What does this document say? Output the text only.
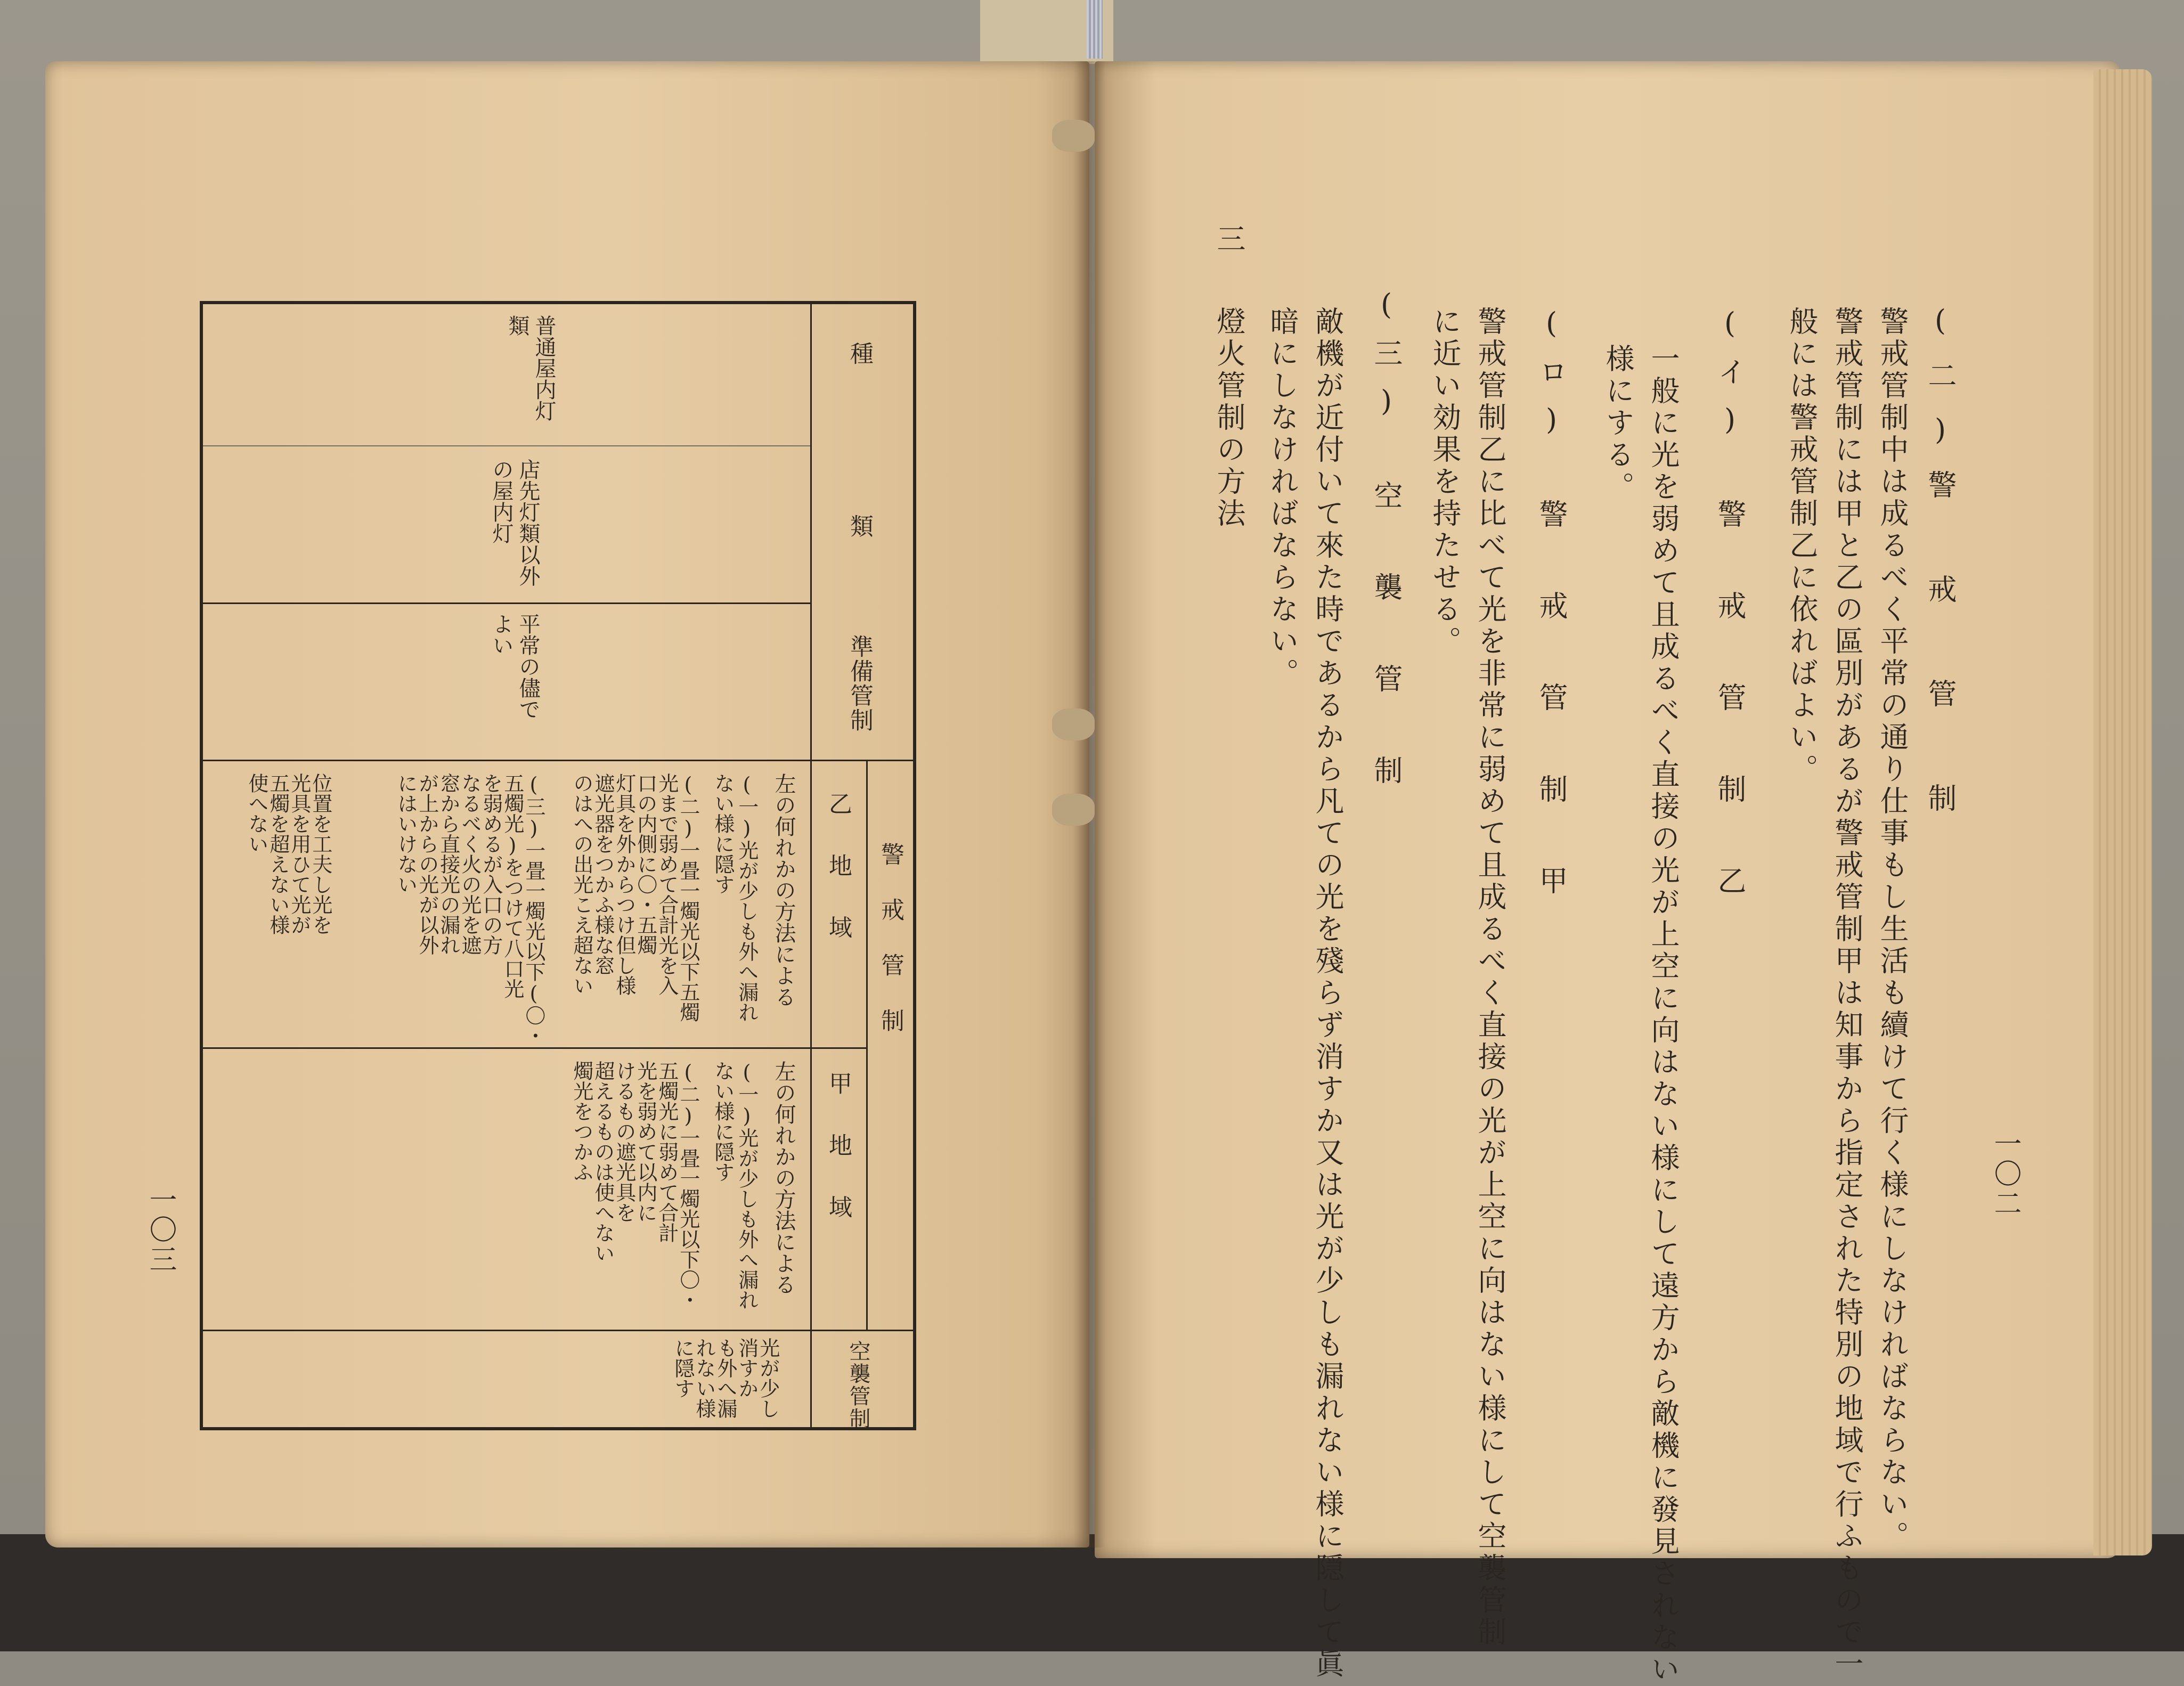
(二)警　戒　管　制
警戒管制中は成るべく平常の通り仕事もし生活も續けて行く様にしなければならない。
警戒管制には甲と乙の區別があるが警戒管制甲は知事から指定された特別の地域で行ふもので一
般には警戒管制乙に依ればよい。
(イ)　警　戒　管　制　乙
一般に光を弱めて且成るべく直接の光が上空に向はない様にして遠方から敵機に發見されない
様にする。
(ロ)　警　戒　管　制　甲
警戒管制乙に比べて光を非常に弱めて且成るべく直接の光が上空に向はない様にして空襲管制
に近い効果を持たせる。
(三)　空　襲　管　制
敵機が近付いて來た時であるから凡ての光を殘らず消すか又は光が少しも漏れない様に隠して眞
暗にしなければならない。
三
燈火管制の方法
一〇二
種　　　　　類
準備管制
警　戒　管　制
乙　地　域
甲　地　域
空襲管制
普通屋内灯
類
店先灯類以外
の屋内灯
平常の儘で
よい
左の何れかの方法による
(一)光が少しも外へ漏れ
ない様に隠す
(二)一畳一燭光以下五燭
光まで弱めて合計光を入
口の内側に〇・五燭
灯具を外からつけ但し様
遮光器をつかふ様な窓
のはへの出光こえ超ない
(三)一畳一燭光以下(〇・
五燭光)をつけて八口光
を弱めるが入口の方
なるべく火の光を遮
窓から直接光の漏れ
が上からの光が以外
にはいけない
位置を工夫し光を
光具を用ひて光が
五燭を超えない様
使へない
左の何れかの方法による
(一)光が少しも外へ漏れ
ない様に隠す
(二)一畳一燭光以下〇・
五燭光に弱めて合計
光を弱めて以内に
けるもの遮光具を
超えるものは使へない
燭光をつかふ
光が少し
消すか
も外へ漏
れない様
に隠す
一〇三
